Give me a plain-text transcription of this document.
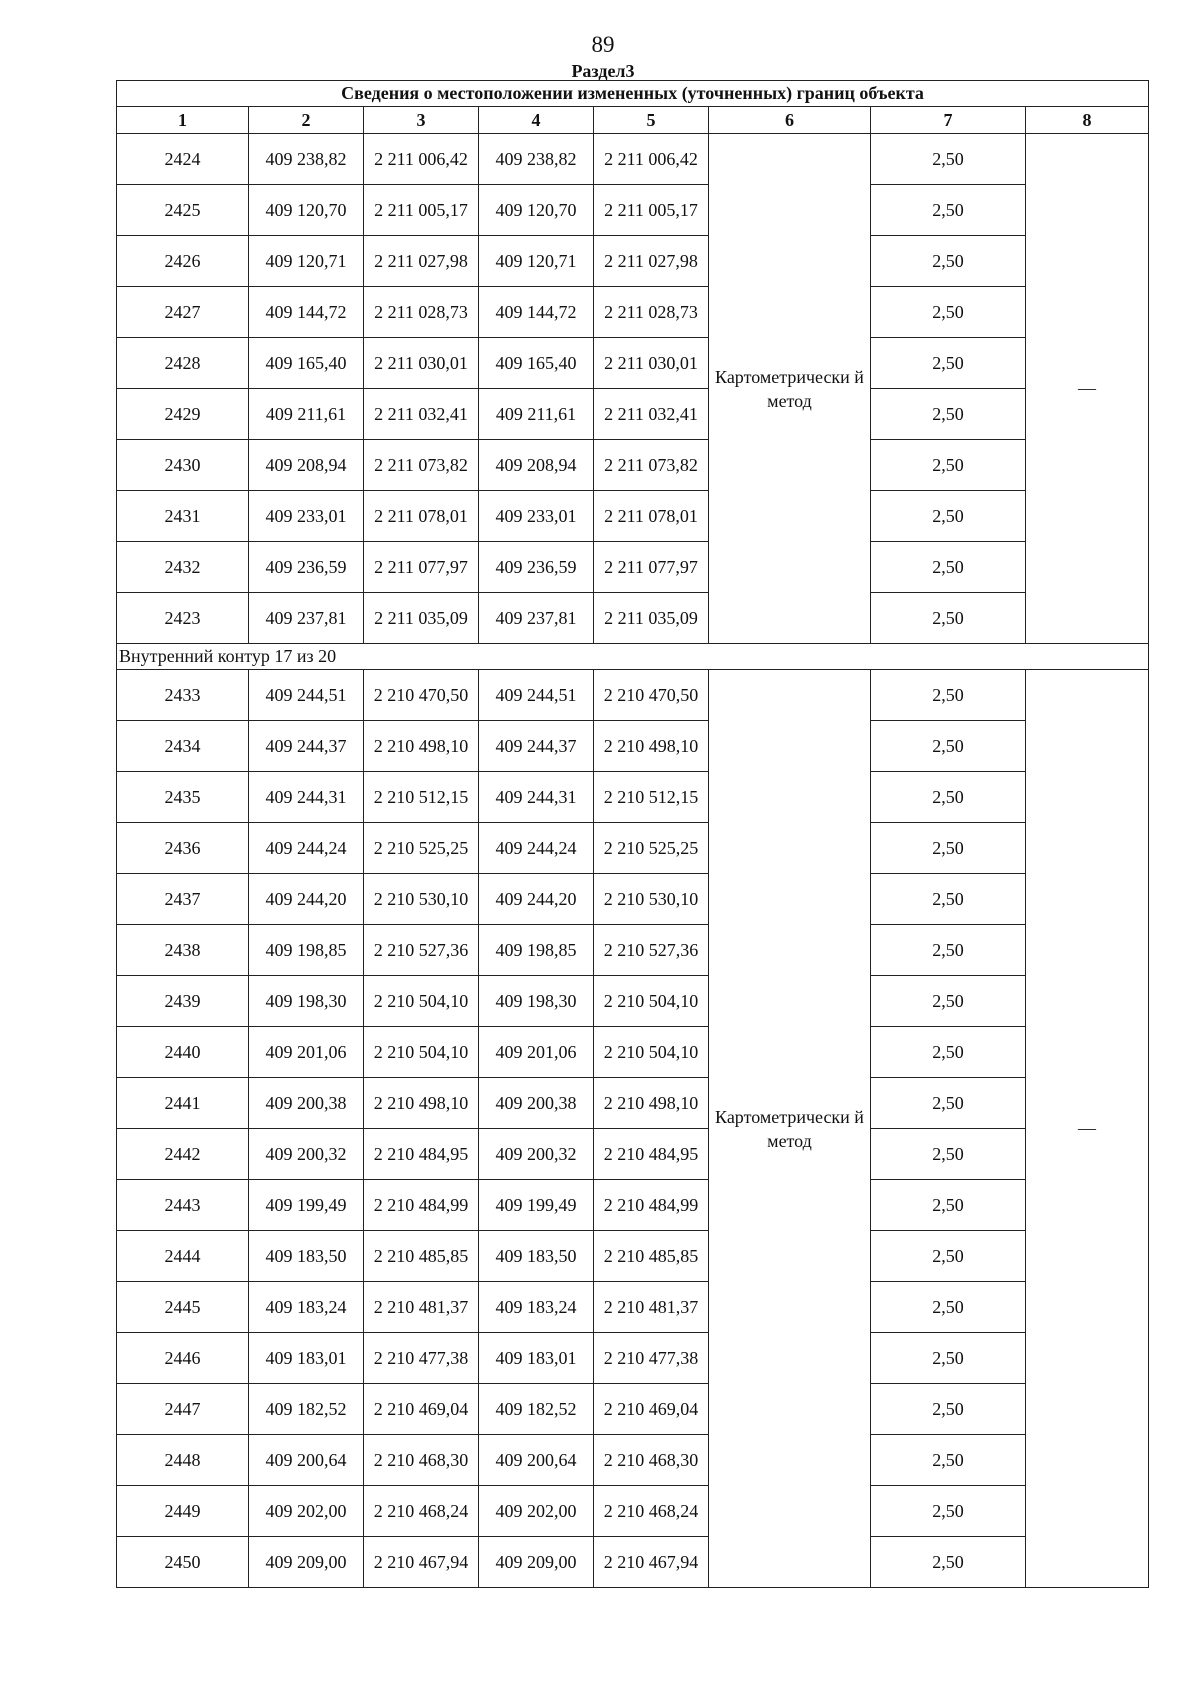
89
Раздел3
Сведения о местоположении измененных (уточненных) границ объекта							
1	2	3	4	5	6	7	8
2424	409 238,82	2 211 006,42	409 238,82	2 211 006,42	Картометрически й метод	2,50	—
2425	409 120,70	2 211 005,17	409 120,70	2 211 005,17		2,50	
2426	409 120,71	2 211 027,98	409 120,71	2 211 027,98		2,50	
2427	409 144,72	2 211 028,73	409 144,72	2 211 028,73		2,50	
2428	409 165,40	2 211 030,01	409 165,40	2 211 030,01		2,50	
2429	409 211,61	2 211 032,41	409 211,61	2 211 032,41		2,50	
2430	409 208,94	2 211 073,82	409 208,94	2 211 073,82		2,50	
2431	409 233,01	2 211 078,01	409 233,01	2 211 078,01		2,50	
2432	409 236,59	2 211 077,97	409 236,59	2 211 077,97		2,50	
2423	409 237,81	2 211 035,09	409 237,81	2 211 035,09		2,50	
Внутренний контур 17 из 20							
2433	409 244,51	2 210 470,50	409 244,51	2 210 470,50	Картометрически й метод	2,50	—
2434	409 244,37	2 210 498,10	409 244,37	2 210 498,10		2,50	
2435	409 244,31	2 210 512,15	409 244,31	2 210 512,15		2,50	
2436	409 244,24	2 210 525,25	409 244,24	2 210 525,25		2,50	
2437	409 244,20	2 210 530,10	409 244,20	2 210 530,10		2,50	
2438	409 198,85	2 210 527,36	409 198,85	2 210 527,36		2,50	
2439	409 198,30	2 210 504,10	409 198,30	2 210 504,10		2,50	
2440	409 201,06	2 210 504,10	409 201,06	2 210 504,10		2,50	
2441	409 200,38	2 210 498,10	409 200,38	2 210 498,10		2,50	
2442	409 200,32	2 210 484,95	409 200,32	2 210 484,95		2,50	
2443	409 199,49	2 210 484,99	409 199,49	2 210 484,99		2,50	
2444	409 183,50	2 210 485,85	409 183,50	2 210 485,85		2,50	
2445	409 183,24	2 210 481,37	409 183,24	2 210 481,37		2,50	
2446	409 183,01	2 210 477,38	409 183,01	2 210 477,38		2,50	
2447	409 182,52	2 210 469,04	409 182,52	2 210 469,04		2,50	
2448	409 200,64	2 210 468,30	409 200,64	2 210 468,30		2,50	
2449	409 202,00	2 210 468,24	409 202,00	2 210 468,24		2,50	
2450	409 209,00	2 210 467,94	409 209,00	2 210 467,94		2,50	
